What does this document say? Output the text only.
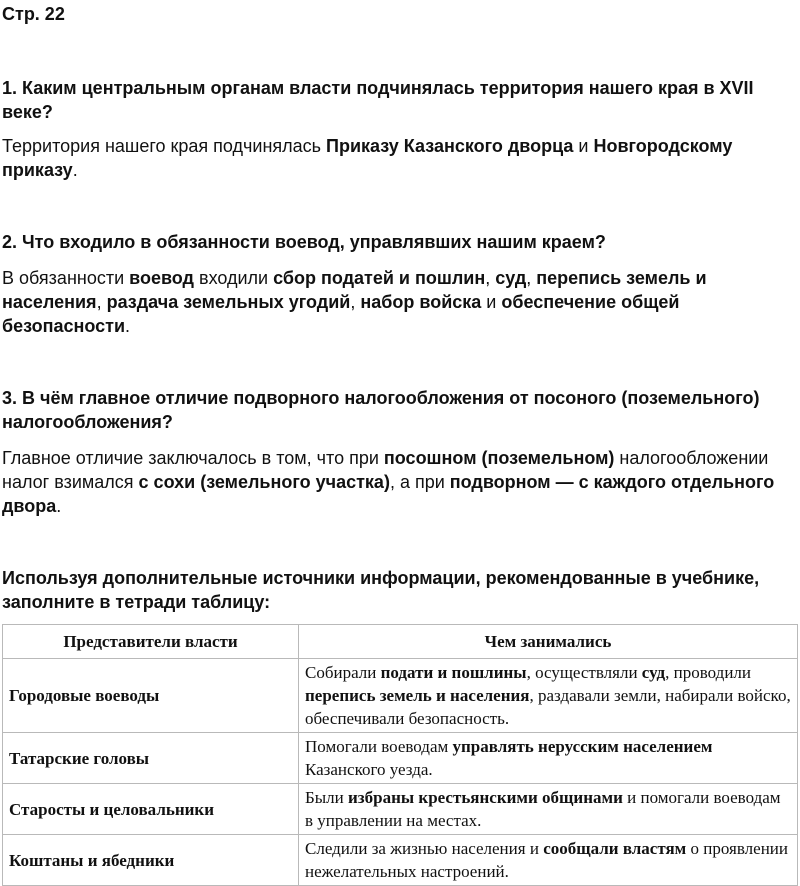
Стр. 22

1. Каким центральным органам власти подчинялась территория нашего края в XVII веке?

Территория нашего края подчинялась Приказу Казанского дворца и Новгородскому приказу.

2. Что входило в обязанности воевод, управлявших нашим краем?

В обязанности воевод входили сбор податей и пошлин, суд, перепись земель и населения, раздача земельных угодий, набор войска и обеспечение общей безопасности.

3. В чём главное отличие подворного налогообложения от посоного (поземельного) налогообложения?

Главное отличие заключалось в том, что при посошном (поземельном) налогообложении налог взимался с сохи (земельного участка), а при подворном — с каждого отдельного двора.

Используя дополнительные источники информации, рекомендованные в учебнике, заполните в тетради таблицу:

Представители власти	Чем занимались
Городовые воеводы	Собирали подати и пошлины, осуществляли суд, проводили перепись земель и населения, раздавали земли, набирали войско, обеспечивали безопасность.
Татарские головы	Помогали воеводам управлять нерусским населением Казанского уезда.
Старосты и целовальники	Были избраны крестьянскими общинами и помогали воеводам в управлении на местах.
Коштаны и ябедники	Следили за жизнью населения и сообщали властям о проявлении нежелательных настроений.
